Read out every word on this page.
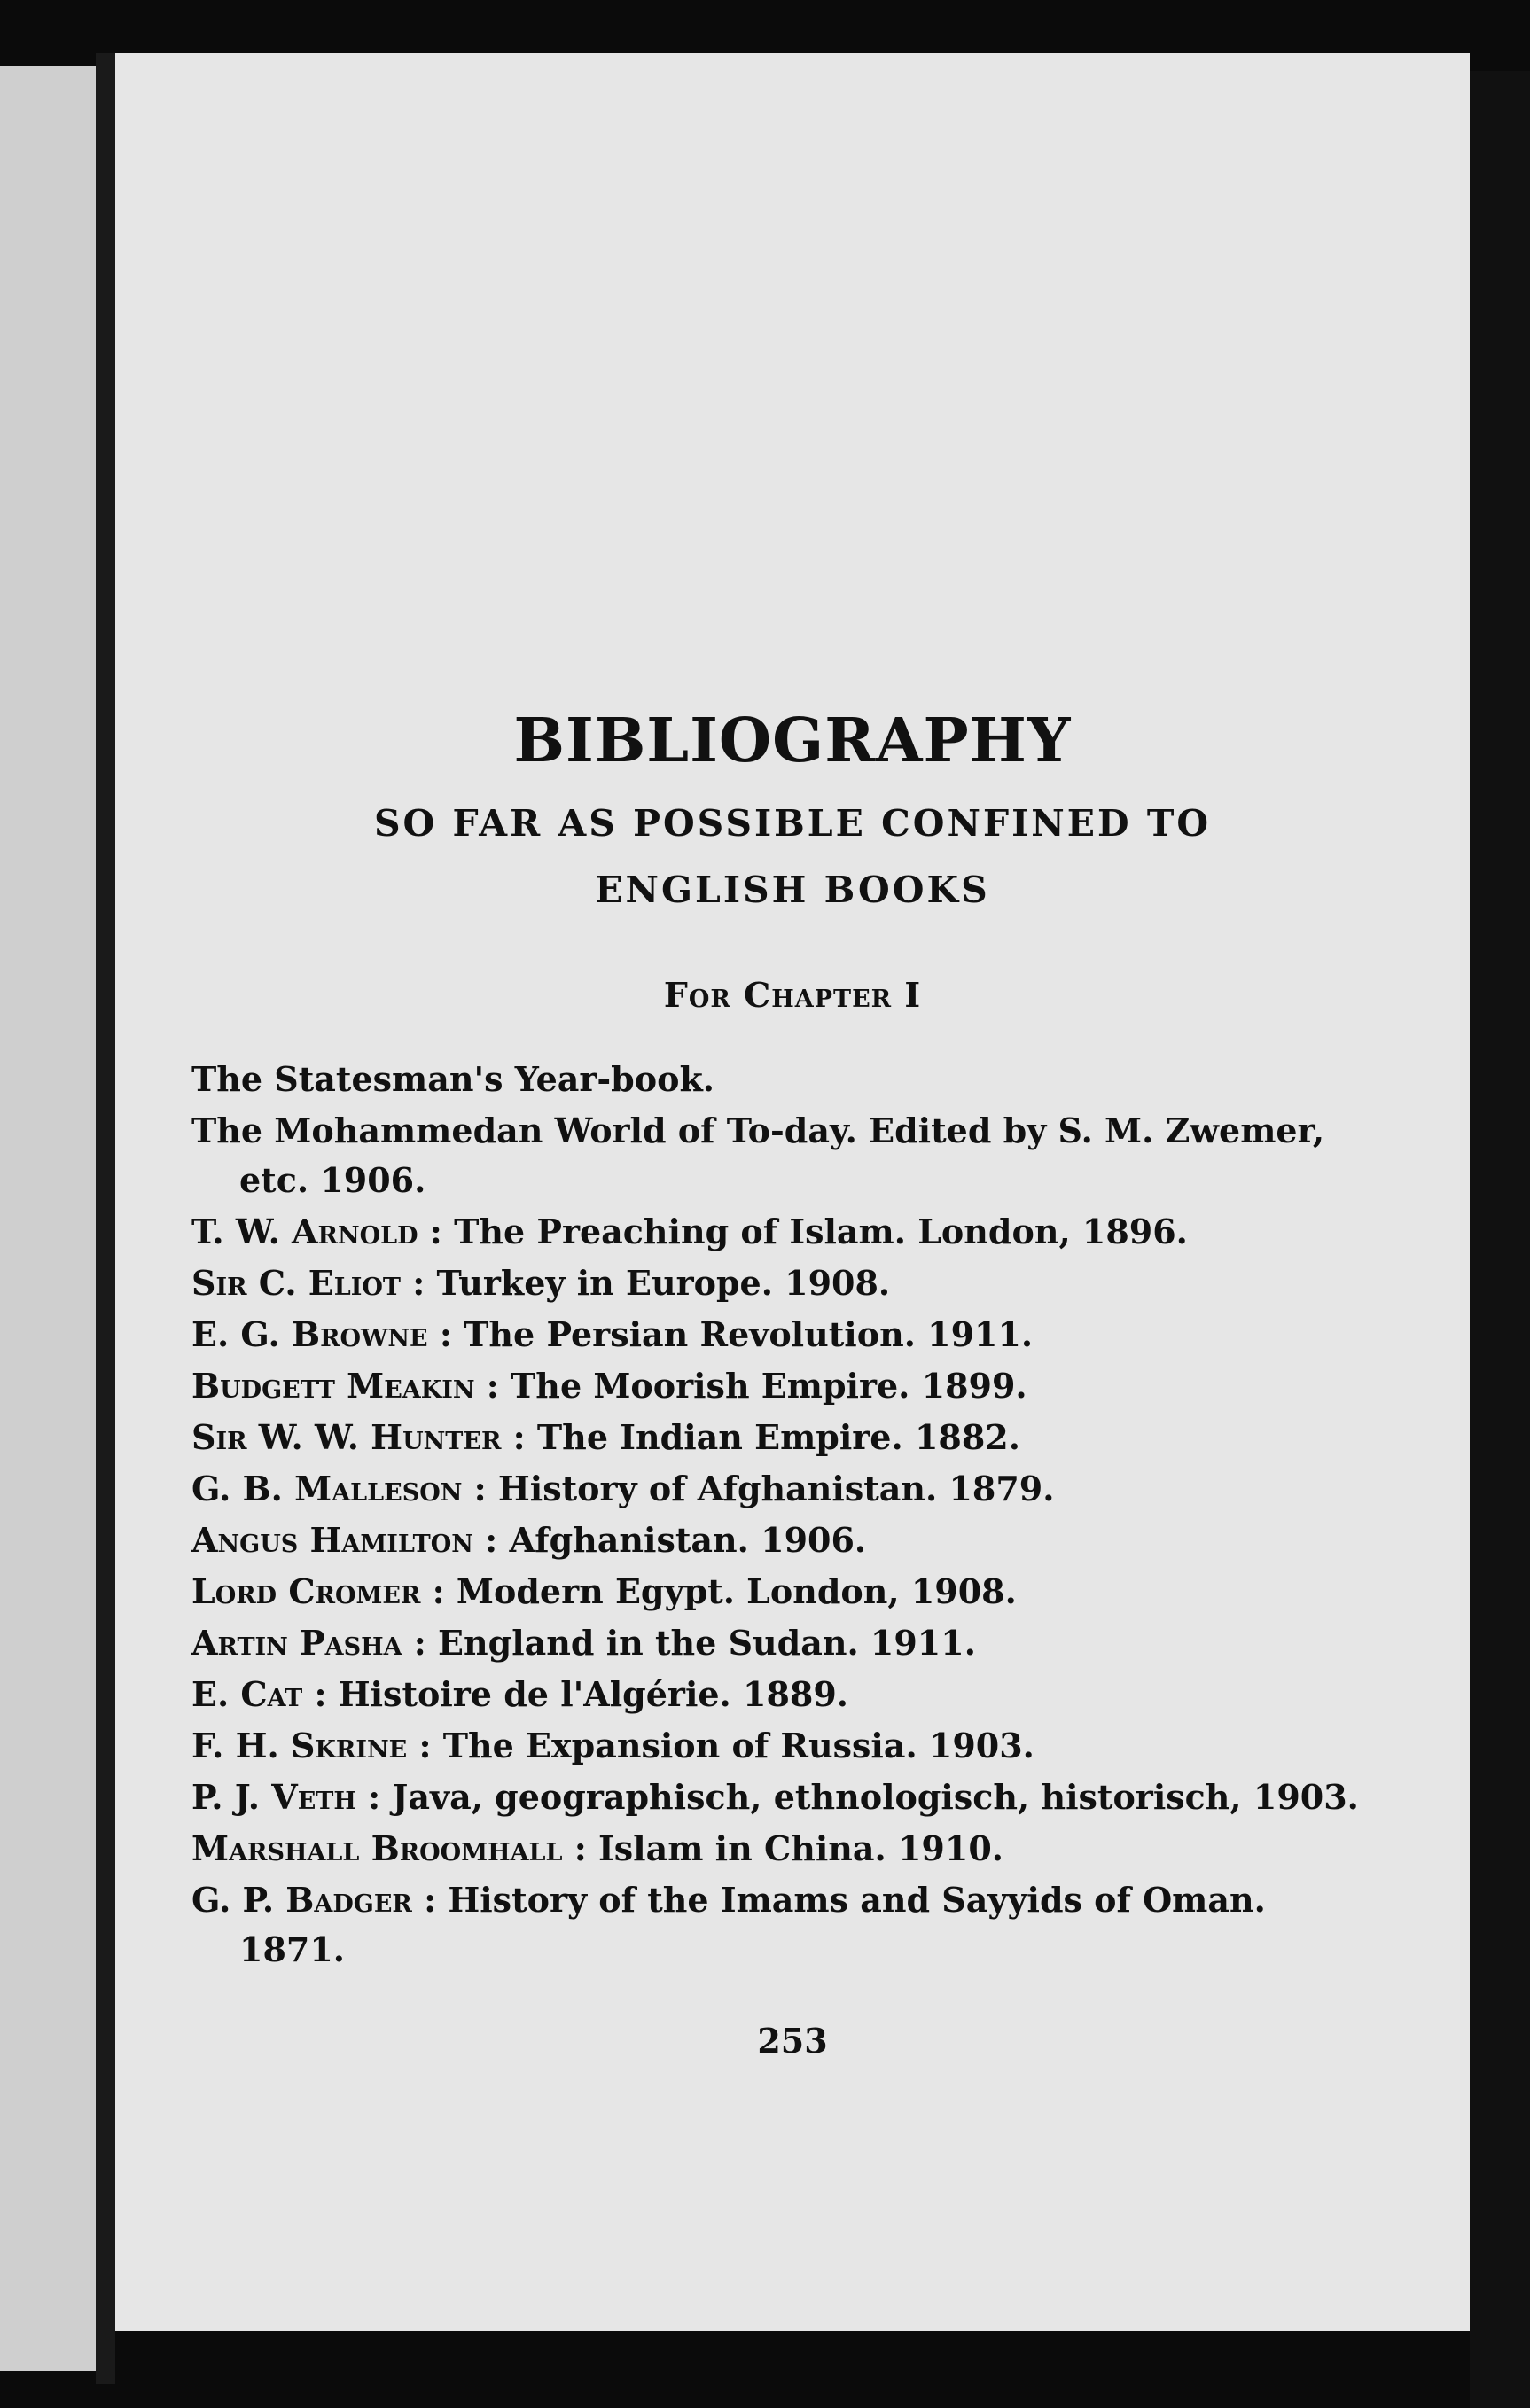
BIBLIOGRAPHY
SO FAR AS POSSIBLE CONFINED TO
ENGLISH BOOKS
For Chapter I
The Statesman's Year-book.
The Mohammedan World of To-day. Edited by S. M. Zwemer, etc. 1906.
T. W. Arnold : The Preaching of Islam. London, 1896.
Sir C. Eliot : Turkey in Europe. 1908.
E. G. Browne : The Persian Revolution. 1911.
Budgett Meakin : The Moorish Empire. 1899.
Sir W. W. Hunter : The Indian Empire. 1882.
G. B. Malleson : History of Afghanistan. 1879.
Angus Hamilton : Afghanistan. 1906.
Lord Cromer : Modern Egypt. London, 1908.
Artin Pasha : England in the Sudan. 1911.
E. Cat : Histoire de l'Algérie. 1889.
F. H. Skrine : The Expansion of Russia. 1903.
P. J. Veth : Java, geographisch, ethnologisch, historisch, 1903.
Marshall Broomhall : Islam in China. 1910.
G. P. Badger : History of the Imams and Sayyids of Oman. 1871.
253
